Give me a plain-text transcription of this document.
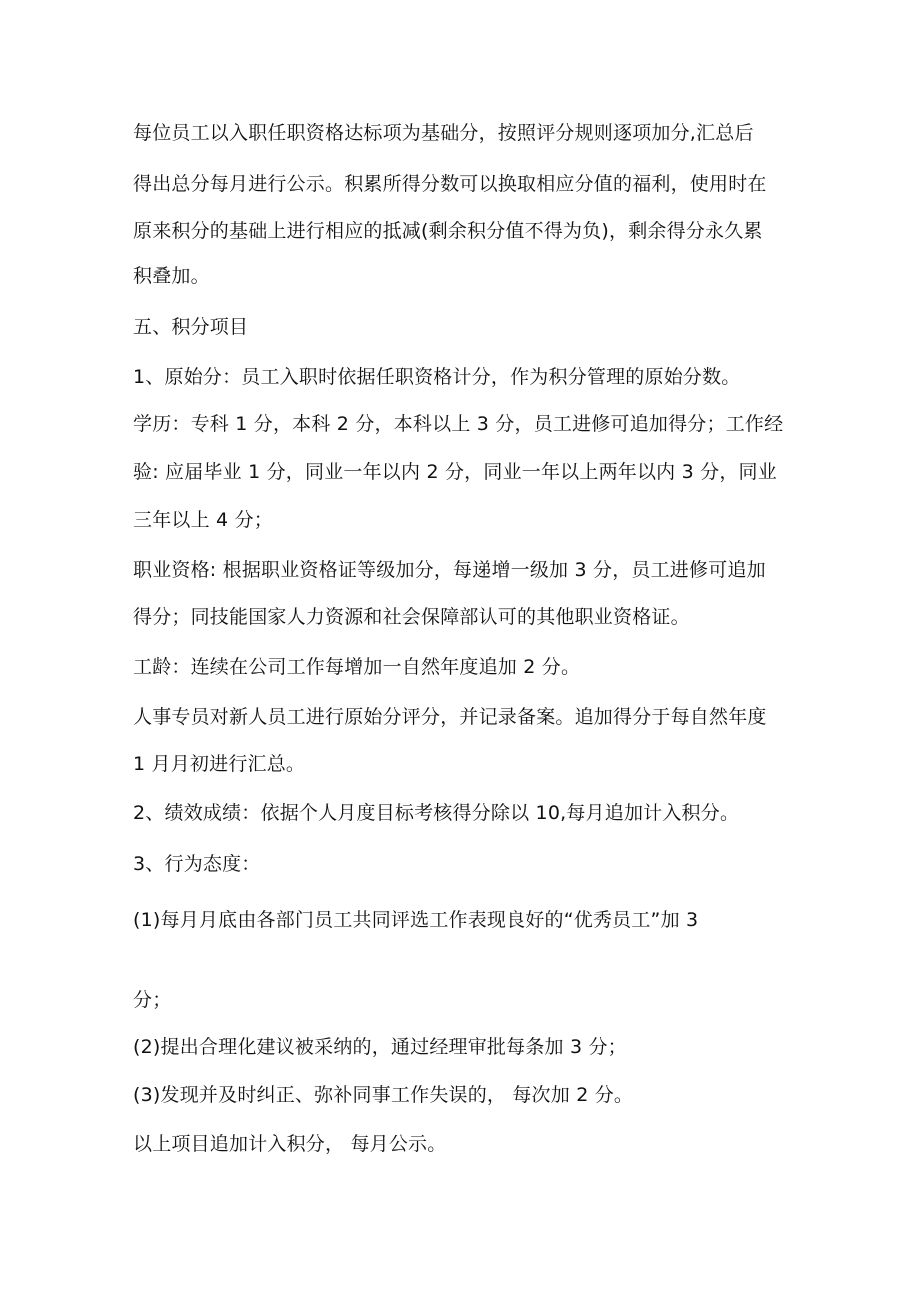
每位员工以入职任职资格达标项为基础分，按照评分规则逐项加分,汇总后
得出总分每月进行公示。积累所得分数可以换取相应分值的福利，使用时在
原来积分的基础上进行相应的抵减(剩余积分值不得为负)，剩余得分永久累
积叠加。
五、积分项目
1、原始分：员工入职时依据任职资格计分，作为积分管理的原始分数。
学历：专科 1 分，本科 2 分，本科以上 3 分，员工进修可追加得分；工作经
验: 应届毕业 1 分，同业一年以内 2 分，同业一年以上两年以内 3 分，同业
三年以上 4 分；
职业资格: 根据职业资格证等级加分，每递增一级加 3 分，员工进修可追加
得分；同技能国家人力资源和社会保障部认可的其他职业资格证。
工龄：连续在公司工作每增加一自然年度追加 2 分。
人事专员对新人员工进行原始分评分，并记录备案。追加得分于每自然年度
1 月月初进行汇总。
2、绩效成绩：依据个人月度目标考核得分除以 10,每月追加计入积分。
3、行为态度：
(1)每月月底由各部门员工共同评选工作表现良好的“优秀员工”加 3
分；
(2)提出合理化建议被采纳的，通过经理审批每条加 3 分；
(3)发现并及时纠正、弥补同事工作失误的， 每次加 2 分。
以上项目追加计入积分， 每月公示。
